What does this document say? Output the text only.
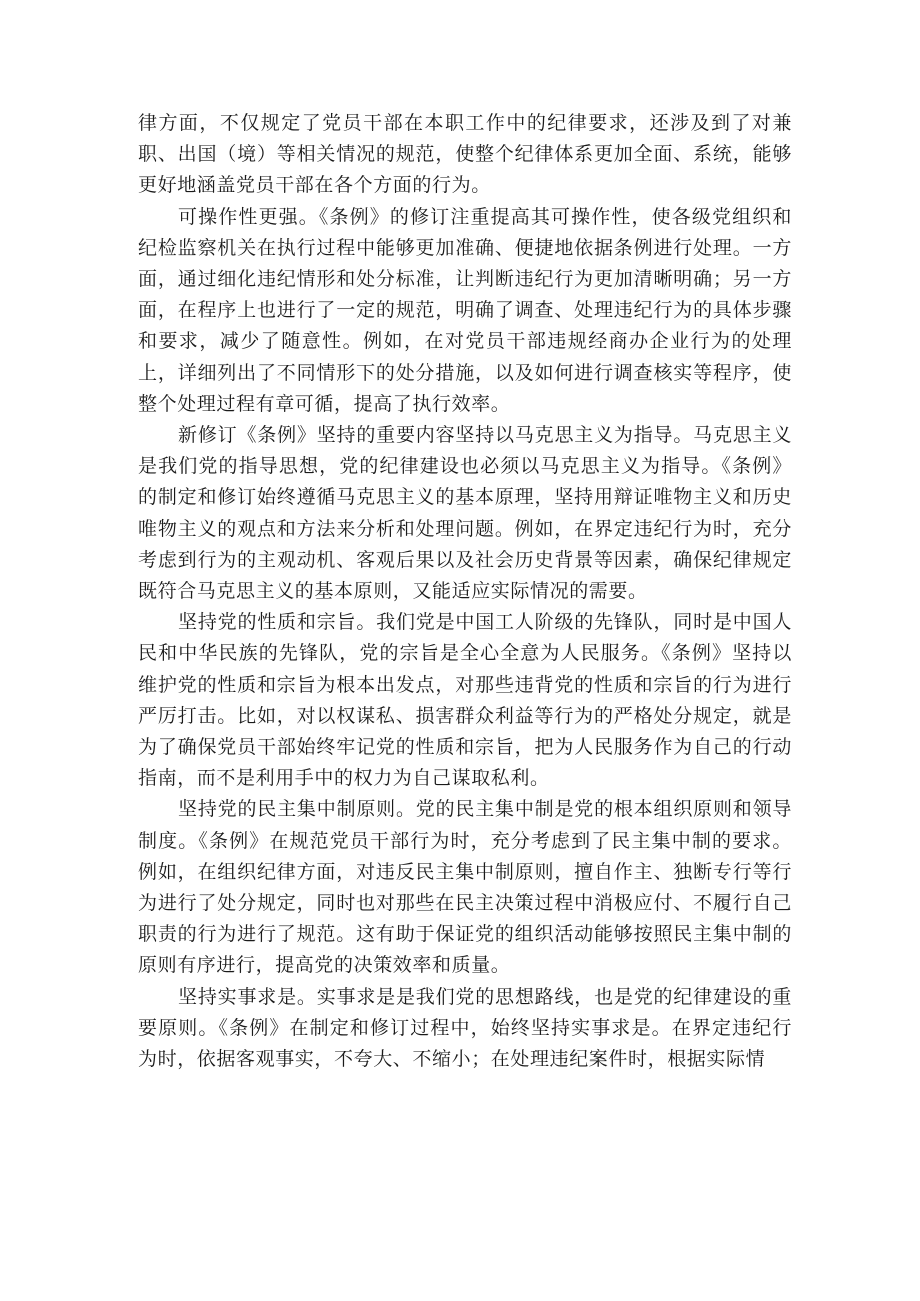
律方面，不仅规定了党员干部在本职工作中的纪律要求，还涉及到了对兼职、出国（境）等相关情况的规范，使整个纪律体系更加全面、系统，能够更好地涵盖党员干部在各个方面的行为。

可操作性更强。《条例》的修订注重提高其可操作性，使各级党组织和纪检监察机关在执行过程中能够更加准确、便捷地依据条例进行处理。一方面，通过细化违纪情形和处分标准，让判断违纪行为更加清晰明确；另一方面，在程序上也进行了一定的规范，明确了调查、处理违纪行为的具体步骤和要求，减少了随意性。例如，在对党员干部违规经商办企业行为的处理上，详细列出了不同情形下的处分措施，以及如何进行调查核实等程序，使整个处理过程有章可循，提高了执行效率。

新修订《条例》坚持的重要内容坚持以马克思主义为指导。马克思主义是我们党的指导思想，党的纪律建设也必须以马克思主义为指导。《条例》的制定和修订始终遵循马克思主义的基本原理，坚持用辩证唯物主义和历史唯物主义的观点和方法来分析和处理问题。例如，在界定违纪行为时，充分考虑到行为的主观动机、客观后果以及社会历史背景等因素，确保纪律规定既符合马克思主义的基本原则，又能适应实际情况的需要。

坚持党的性质和宗旨。我们党是中国工人阶级的先锋队，同时是中国人民和中华民族的先锋队，党的宗旨是全心全意为人民服务。《条例》坚持以维护党的性质和宗旨为根本出发点，对那些违背党的性质和宗旨的行为进行严厉打击。比如，对以权谋私、损害群众利益等行为的严格处分规定，就是为了确保党员干部始终牢记党的性质和宗旨，把为人民服务作为自己的行动指南，而不是利用手中的权力为自己谋取私利。

坚持党的民主集中制原则。党的民主集中制是党的根本组织原则和领导制度。《条例》在规范党员干部行为时，充分考虑到了民主集中制的要求。例如，在组织纪律方面，对违反民主集中制原则，擅自作主、独断专行等行为进行了处分规定，同时也对那些在民主决策过程中消极应付、不履行自己职责的行为进行了规范。这有助于保证党的组织活动能够按照民主集中制的原则有序进行，提高党的决策效率和质量。

坚持实事求是。实事求是是我们党的思想路线，也是党的纪律建设的重要原则。《条例》在制定和修订过程中，始终坚持实事求是。在界定违纪行为时，依据客观事实，不夸大、不缩小；在处理违纪案件时，根据实际情
